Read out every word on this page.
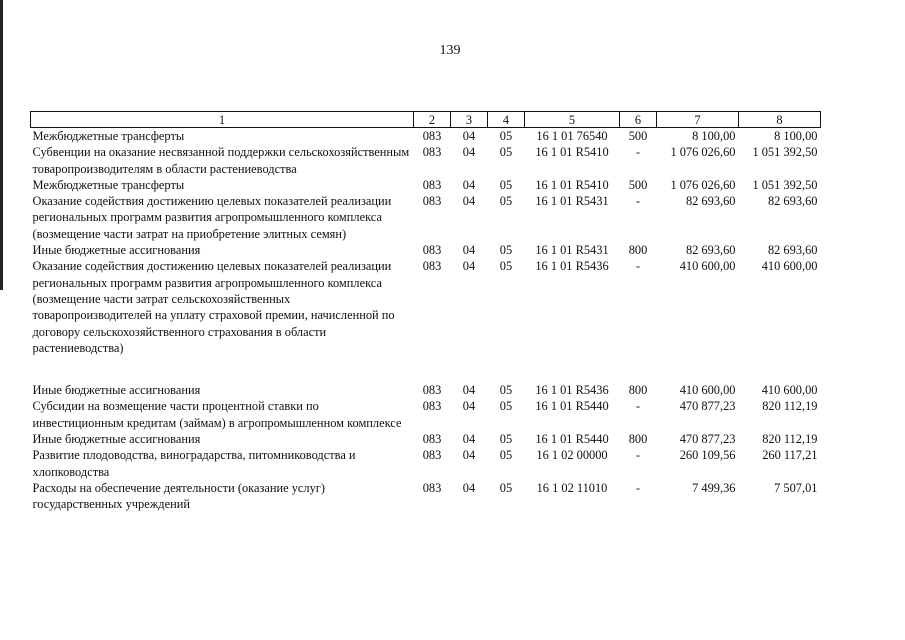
139
1	2	3	4	5	6	7	8
Межбюджетные трансферты	083	04	05	16 1 01 76540	500	8 100,00	8 100,00
Субвенции на оказание несвязанной поддержки сельскохозяйственным товаропроизводителям в области растениеводства	083	04	05	16 1 01 R5410	-	1 076 026,60	1 051 392,50
Межбюджетные трансферты	083	04	05	16 1 01 R5410	500	1 076 026,60	1 051 392,50
Оказание содействия достижению целевых показателей реализации региональных программ развития агропромышленного комплекса (возмещение части затрат на приобретение элитных семян)	083	04	05	16 1 01 R5431	-	82 693,60	82 693,60
Иные бюджетные ассигнования	083	04	05	16 1 01 R5431	800	82 693,60	82 693,60
Оказание содействия достижению целевых показателей реализации региональных программ развития агропромышленного комплекса (возмещение части затрат сельскохозяйственных товаропроизводителей на уплату страховой премии, начисленной по договору сельскохозяйственного страхования в области растениеводства)	083	04	05	16 1 01 R5436	-	410 600,00	410 600,00

Иные бюджетные ассигнования	083	04	05	16 1 01 R5436	800	410 600,00	410 600,00
Субсидии на возмещение части процентной ставки по инвестиционным кредитам (займам) в агропромышленном комплексе	083	04	05	16 1 01 R5440	-	470 877,23	820 112,19
Иные бюджетные ассигнования	083	04	05	16 1 01 R5440	800	470 877,23	820 112,19
Развитие плодоводства, виноградарства, питомниководства и хлопководства	083	04	05	16 1 02 00000	-	260 109,56	260 117,21
Расходы на обеспечение деятельности (оказание услуг) государственных учреждений	083	04	05	16 1 02 11010	-	7 499,36	7 507,01
